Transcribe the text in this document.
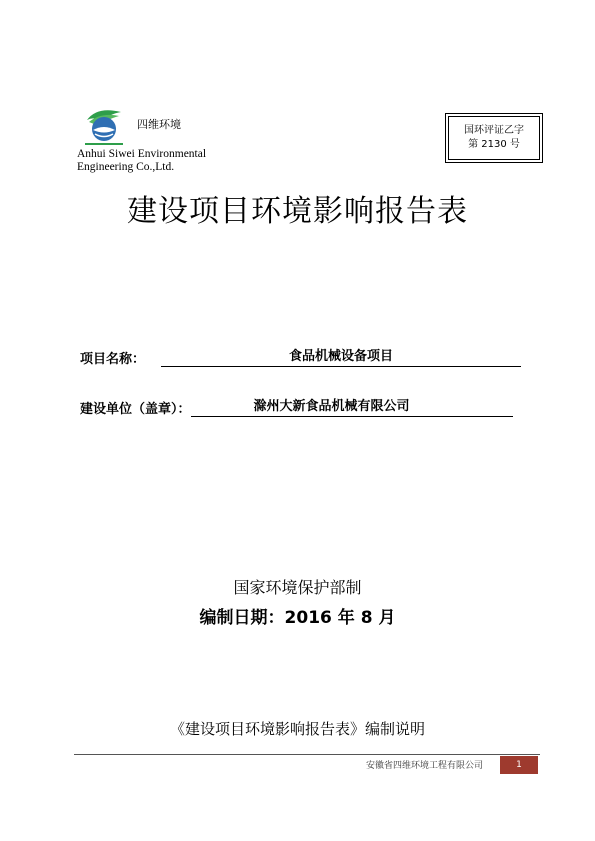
四维环境
Anhui Siwei Environmental
Engineering Co.,Ltd.
国环评证乙字
第 2130 号
建设项目环境影响报告表
项目名称：	食品机械设备项目
建设单位（盖章）：	滁州大新食品机械有限公司
国家环境保护部制
编制日期：2016 年 8 月
《建设项目环境影响报告表》编制说明
安徽省四维环境工程有限公司	1
